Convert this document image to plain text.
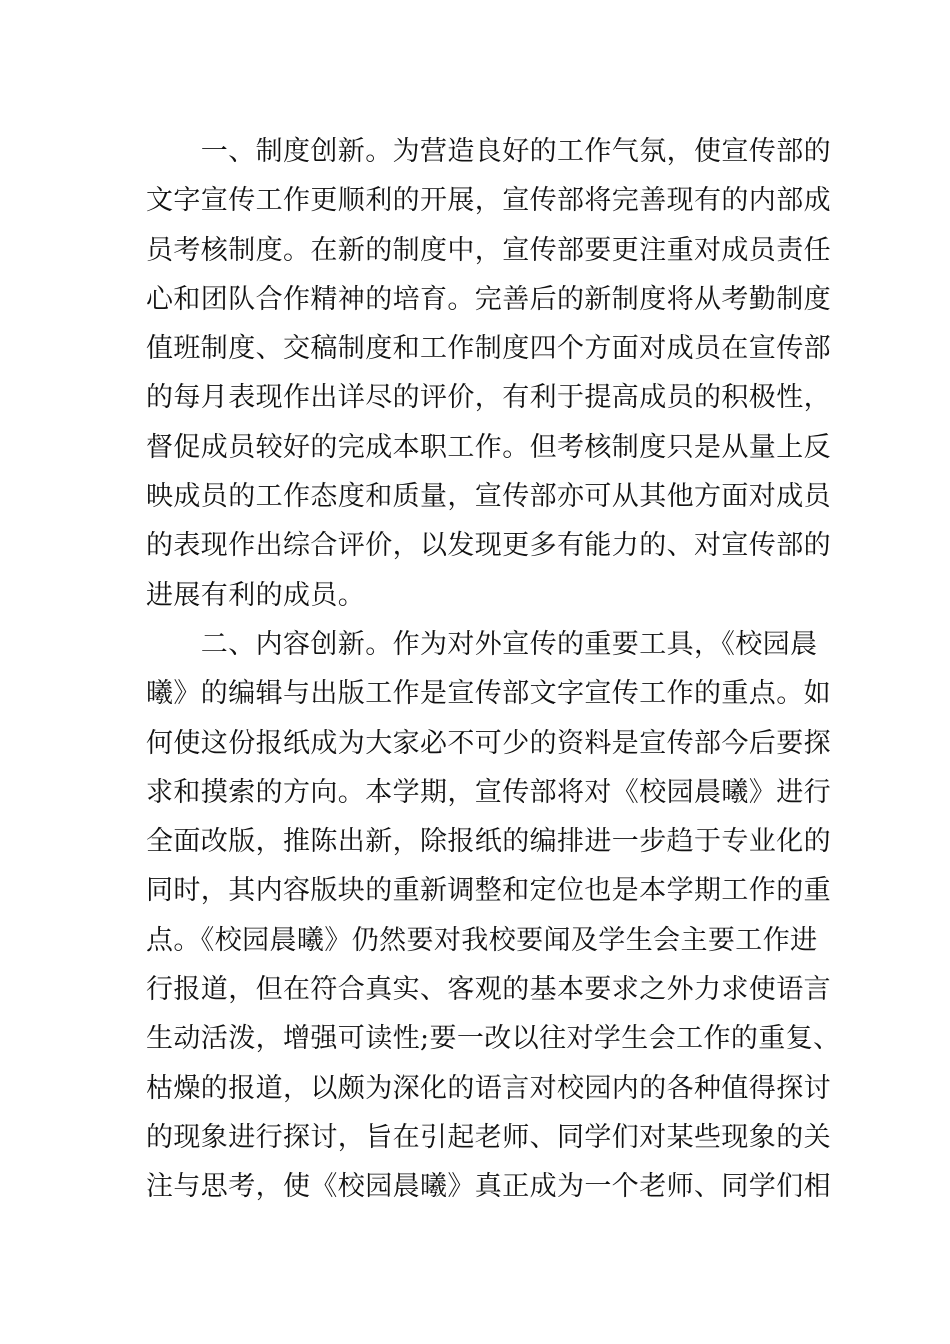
　　一、制度创新。为营造良好的工作气氛，使宣传部的
文字宣传工作更顺利的开展，宣传部将完善现有的内部成
员考核制度。在新的制度中，宣传部要更注重对成员责任
心和团队合作精神的培育。完善后的新制度将从考勤制度
值班制度、交稿制度和工作制度四个方面对成员在宣传部
的每月表现作出详尽的评价，有利于提高成员的积极性，
督促成员较好的完成本职工作。但考核制度只是从量上反
映成员的工作态度和质量，宣传部亦可从其他方面对成员
的表现作出综合评价，以发现更多有能力的、对宣传部的
进展有利的成员。
　　二、内容创新。作为对外宣传的重要工具，《校园晨
曦》的编辑与出版工作是宣传部文字宣传工作的重点。如
何使这份报纸成为大家必不可少的资料是宣传部今后要探
求和摸索的方向。本学期，宣传部将对《校园晨曦》进行
全面改版，推陈出新，除报纸的编排进一步趋于专业化的
同时，其内容版块的重新调整和定位也是本学期工作的重
点。《校园晨曦》仍然要对我校要闻及学生会主要工作进
行报道，但在符合真实、客观的基本要求之外力求使语言
生动活泼，增强可读性;要一改以往对学生会工作的重复、
枯燥的报道，以颇为深化的语言对校园内的各种值得探讨
的现象进行探讨，旨在引起老师、同学们对某些现象的关
注与思考，使《校园晨曦》真正成为一个老师、同学们相
